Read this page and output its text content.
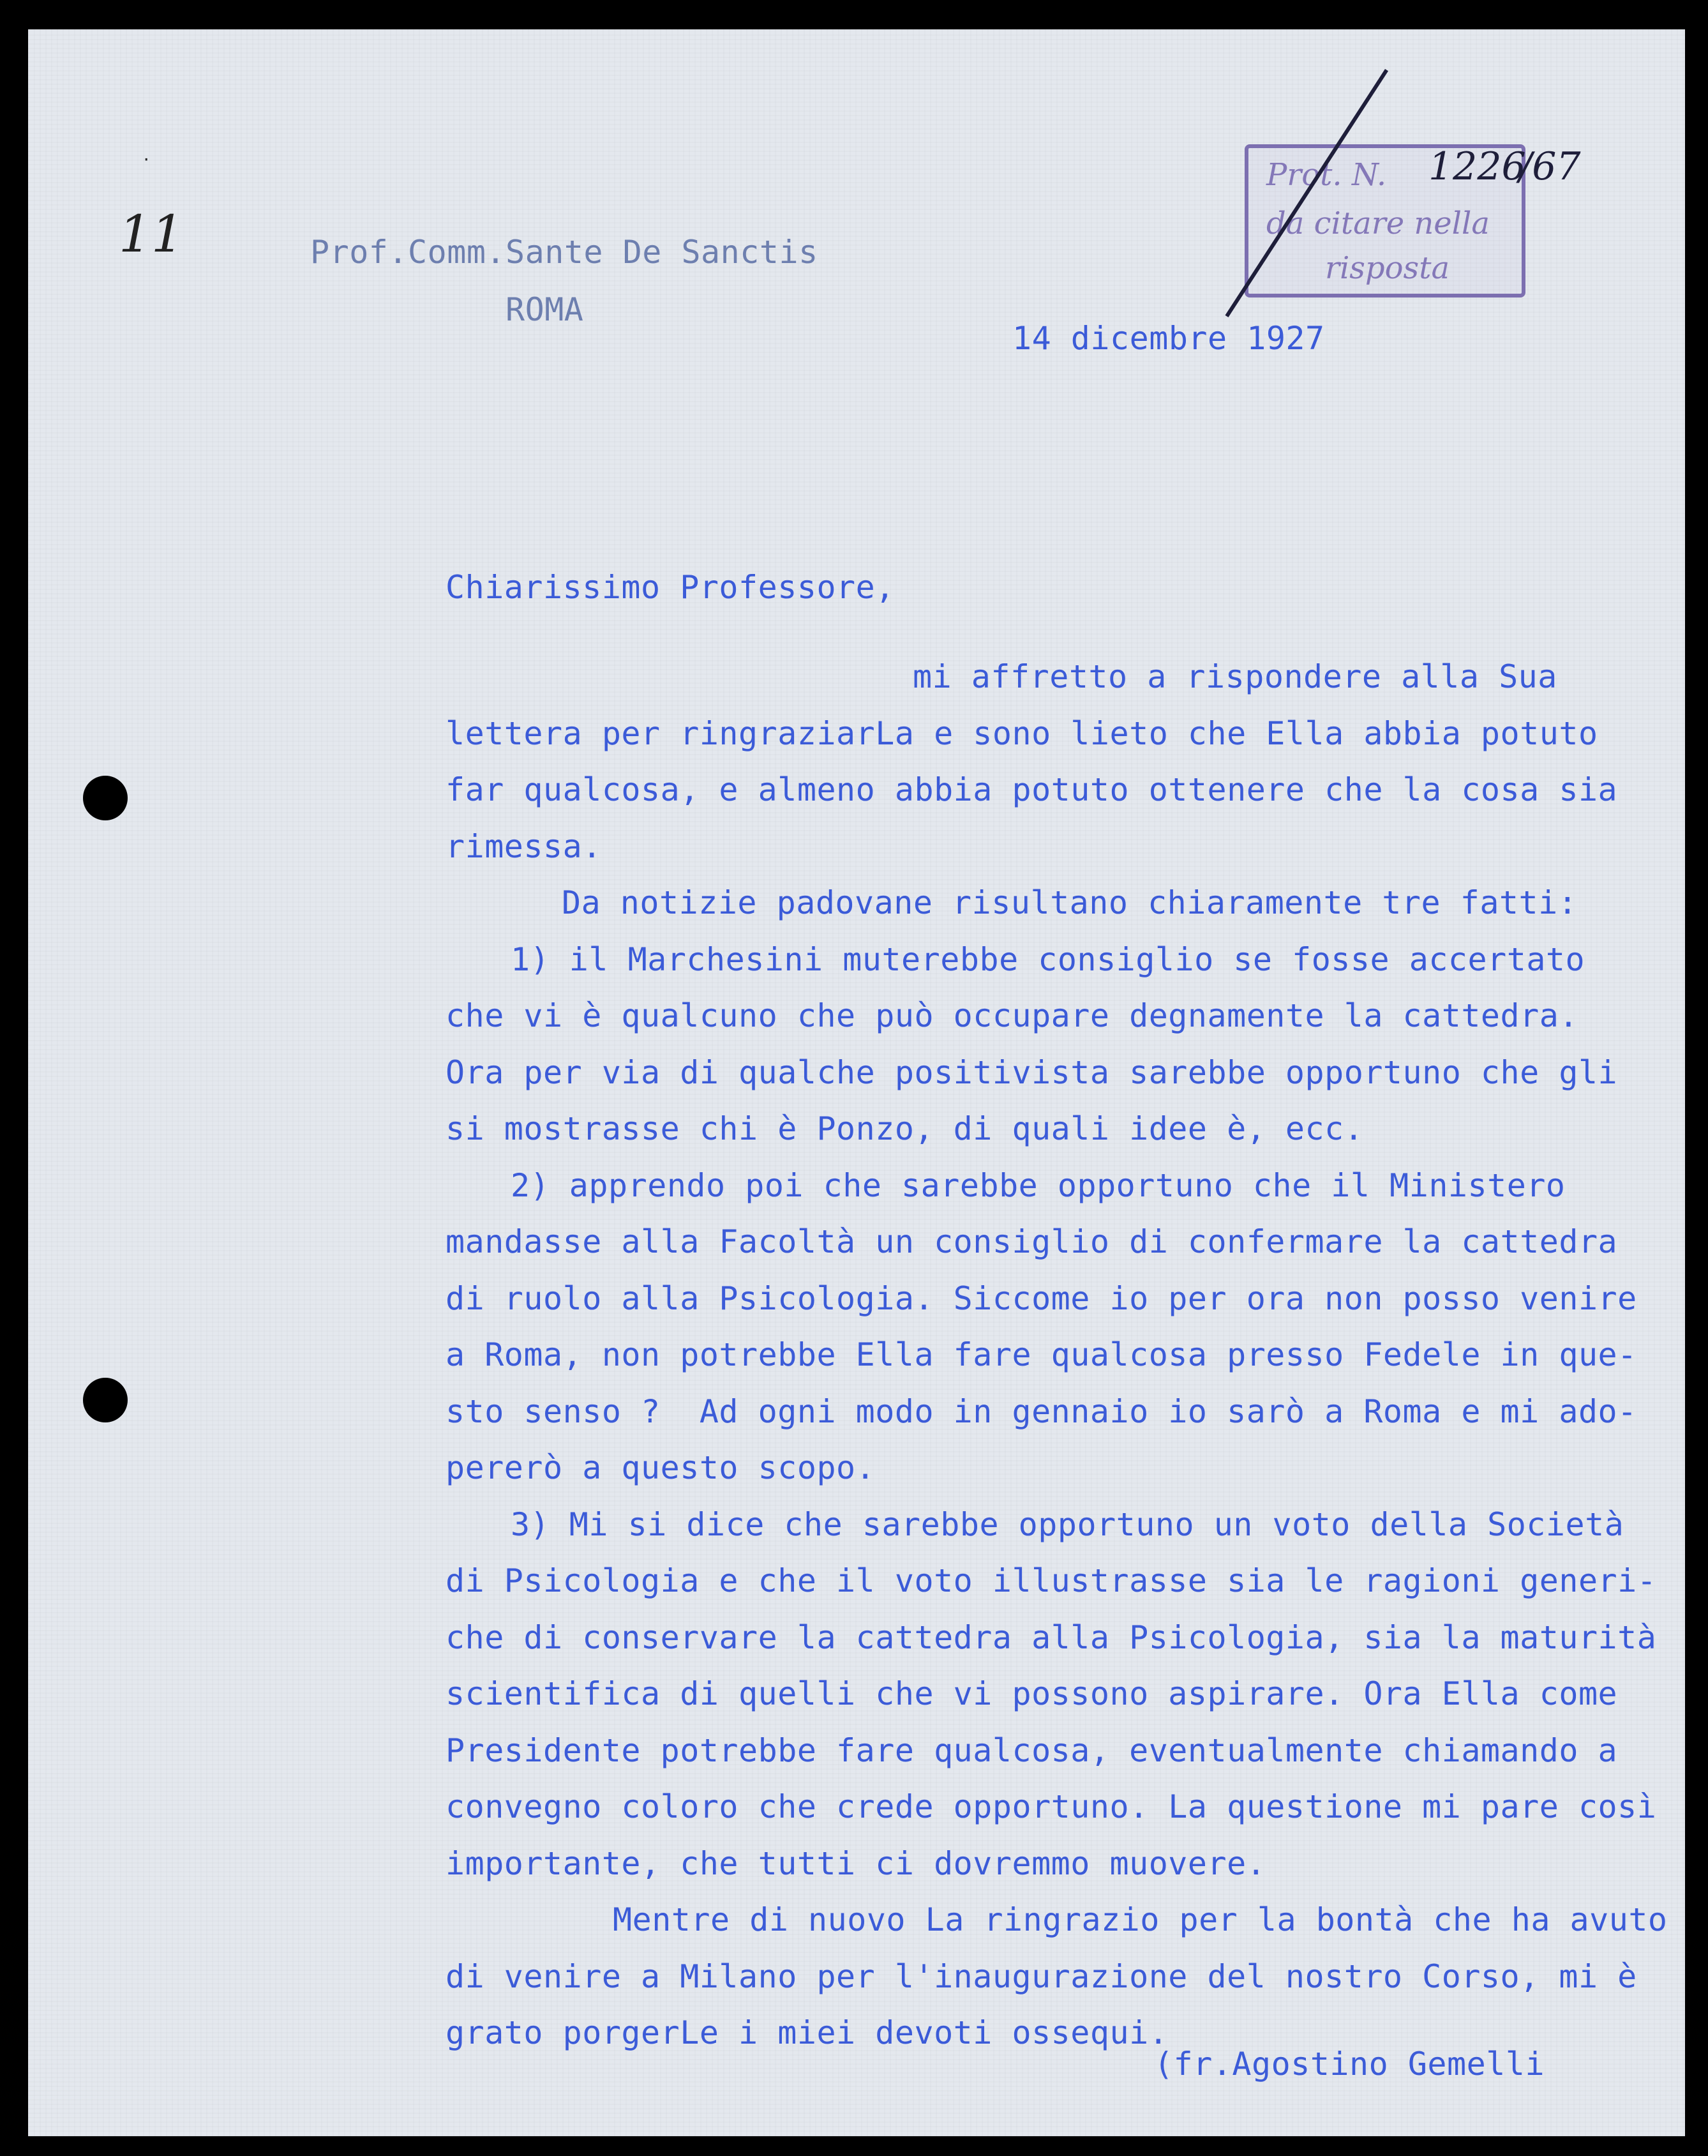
·
11
Prot. N.
da citare nella
risposta
1226
/67
Prof.Comm.Sante De Sanctis
ROMA
14 dicembre 1927
Chiarissimo Professore,
mi affretto a rispondere alla Sua
lettera per ringraziarLa e sono lieto che Ella abbia potuto
far qualcosa, e almeno abbia potuto ottenere che la cosa sia
rimessa.
Da notizie padovane risultano chiaramente tre fatti:
1) il Marchesini muterebbe consiglio se fosse accertato
che vi è qualcuno che può occupare degnamente la cattedra.
Ora per via di qualche positivista sarebbe opportuno che gli
si mostrasse chi è Ponzo, di quali idee è, ecc.
2) apprendo poi che sarebbe opportuno che il Ministero
mandasse alla Facoltà un consiglio di confermare la cattedra
di ruolo alla Psicologia. Siccome io per ora non posso venire
a Roma, non potrebbe Ella fare qualcosa presso Fedele in que-
sto senso ?  Ad ogni modo in gennaio io sarò a Roma e mi ado-
pererò a questo scopo.
3) Mi si dice che sarebbe opportuno un voto della Società
di Psicologia e che il voto illustrasse sia le ragioni generi-
che di conservare la cattedra alla Psicologia, sia la maturità
scientifica di quelli che vi possono aspirare. Ora Ella come
Presidente potrebbe fare qualcosa, eventualmente chiamando a
convegno coloro che crede opportuno. La questione mi pare così
importante, che tutti ci dovremmo muovere.
Mentre di nuovo La ringrazio per la bontà che ha avuto
di venire a Milano per l'inaugurazione del nostro Corso, mi è
grato porgerLe i miei devoti ossequi.
(fr.Agostino Gemelli
